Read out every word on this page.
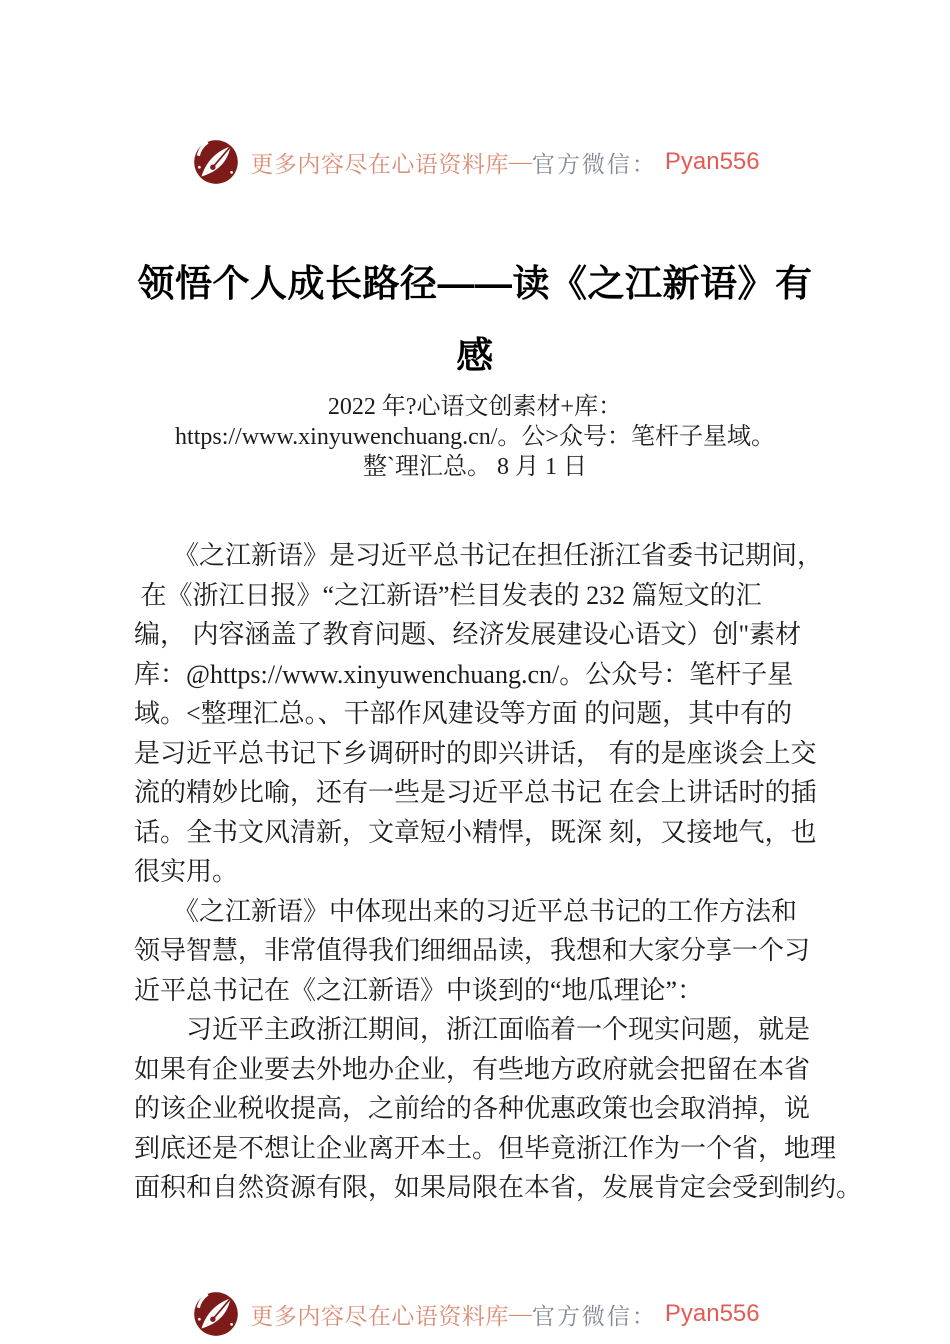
更多内容尽在心语资料库 — 官方微信： Pyan556
领悟个人成长路径——读《之江新语》有
感
2022 年?心语文创素材+库：
https://www.xinyuwenchuang.cn/。公>众号：笔杆子星域。
整`理汇总。 8 月 1 日
　　《之江新语》是习近平总书记在担任浙江省委书记期间，
在《浙江日报》“之江新语”栏目发表的 232 篇短文的汇
编， 内容涵盖了教育问题、经济发展建设心语文）创"素材
库：@https://www.xinyuwenchuang.cn/。公众号：笔杆子星
域。<整理汇总。、干部作风建设等方面 的问题，其中有的
是习近平总书记下乡调研时的即兴讲话， 有的是座谈会上交
流的精妙比喻，还有一些是习近平总书记 在会上讲话时的插
话。全书文风清新，文章短小精悍，既深 刻，又接地气，也
很实用。
　　《之江新语》中体现出来的习近平总书记的工作方法和
领导智慧，非常值得我们细细品读，我想和大家分享一个习
近平总书记在《之江新语》中谈到的“地瓜理论”：
　　习近平主政浙江期间，浙江面临着一个现实问题，就是
如果有企业要去外地办企业，有些地方政府就会把留在本省
的该企业税收提高，之前给的各种优惠政策也会取消掉，说
到底还是不想让企业离开本土。但毕竟浙江作为一个省，地理
面积和自然资源有限，如果局限在本省，发展肯定会受到制约。

更多内容尽在心语资料库 — 官方微信： Pyan556
